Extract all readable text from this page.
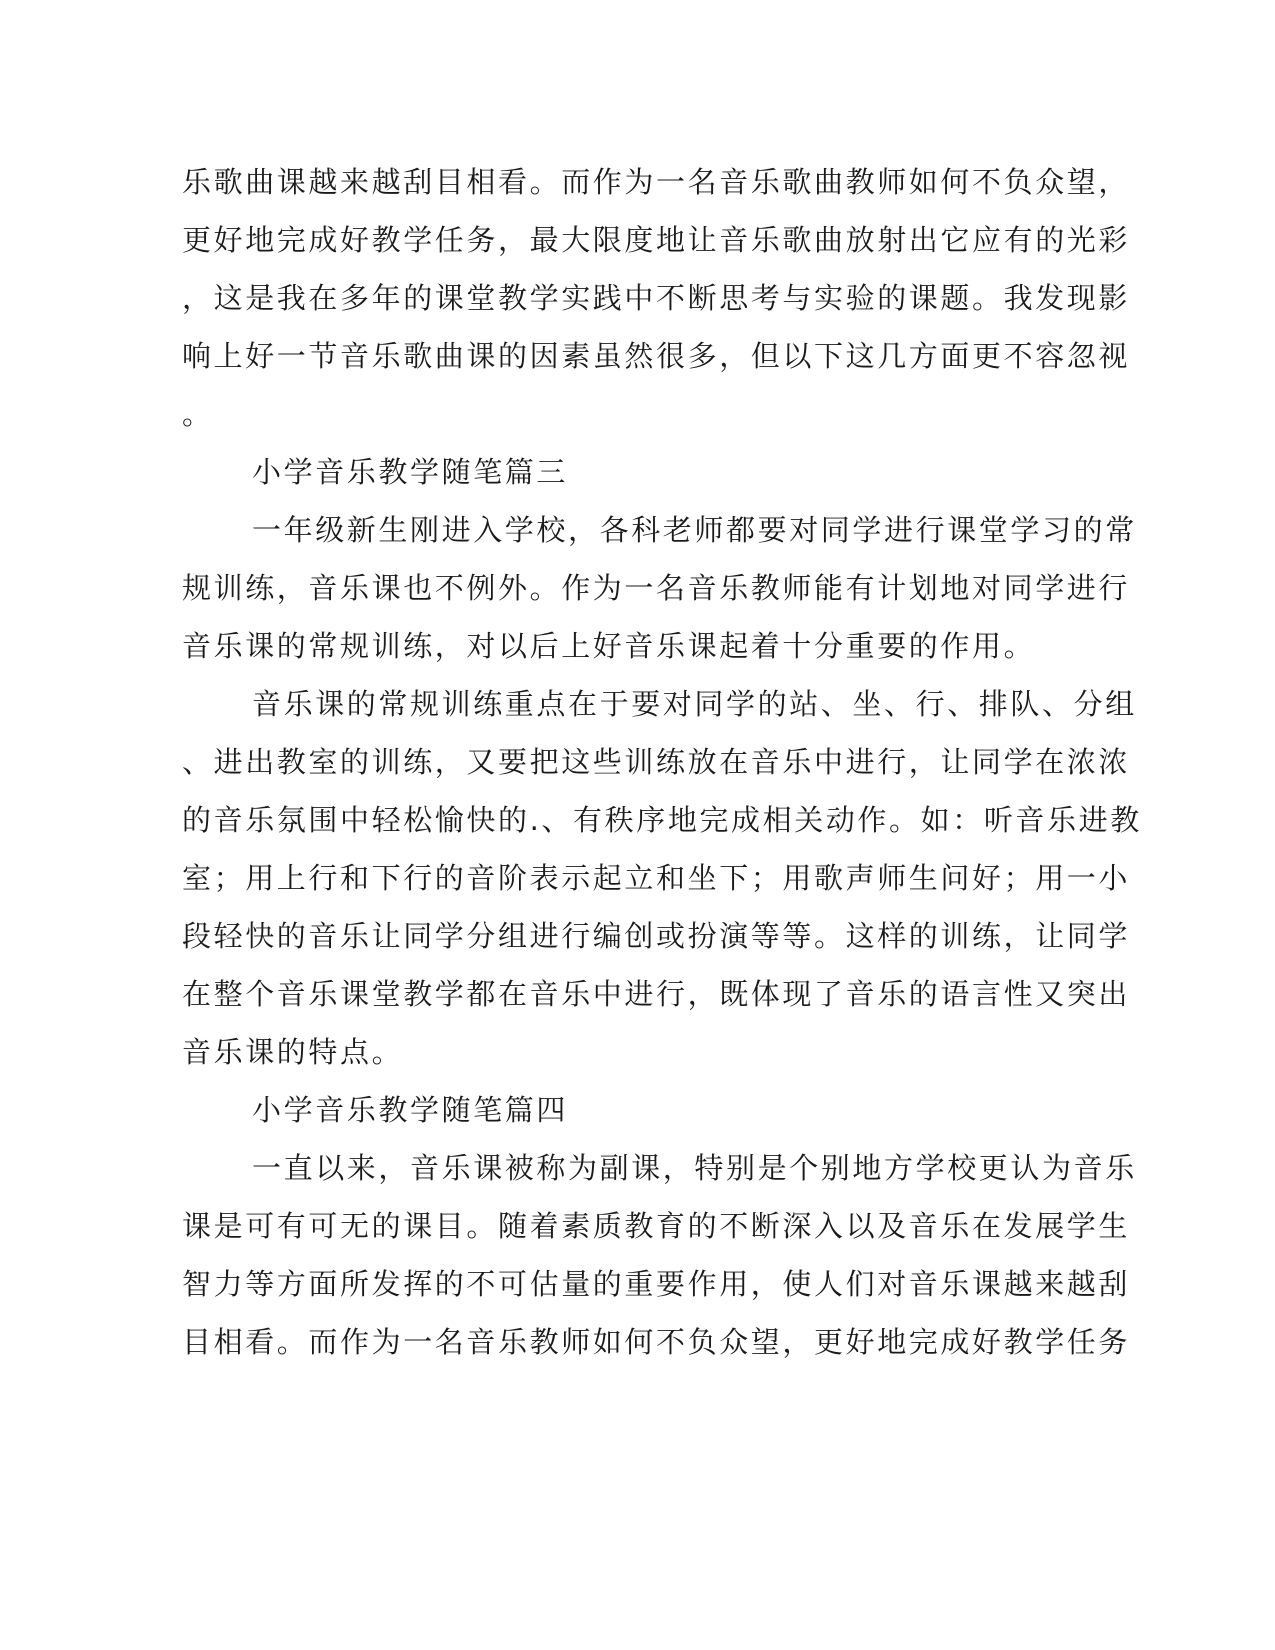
乐歌曲课越来越刮目相看。而作为一名音乐歌曲教师如何不负众望，
更好地完成好教学任务，最大限度地让音乐歌曲放射出它应有的光彩
，这是我在多年的课堂教学实践中不断思考与实验的课题。我发现影
响上好一节音乐歌曲课的因素虽然很多，但以下这几方面更不容忽视
。
小学音乐教学随笔篇三
一年级新生刚进入学校，各科老师都要对同学进行课堂学习的常
规训练，音乐课也不例外。作为一名音乐教师能有计划地对同学进行
音乐课的常规训练，对以后上好音乐课起着十分重要的作用。
音乐课的常规训练重点在于要对同学的站、坐、行、排队、分组
、进出教室的训练，又要把这些训练放在音乐中进行，让同学在浓浓
的音乐氛围中轻松愉快的.、有秩序地完成相关动作。如：听音乐进教
室；用上行和下行的音阶表示起立和坐下；用歌声师生问好；用一小
段轻快的音乐让同学分组进行编创或扮演等等。这样的训练，让同学
在整个音乐课堂教学都在音乐中进行，既体现了音乐的语言性又突出
音乐课的特点。
小学音乐教学随笔篇四
一直以来，音乐课被称为副课，特别是个别地方学校更认为音乐
课是可有可无的课目。随着素质教育的不断深入以及音乐在发展学生
智力等方面所发挥的不可估量的重要作用，使人们对音乐课越来越刮
目相看。而作为一名音乐教师如何不负众望，更好地完成好教学任务
